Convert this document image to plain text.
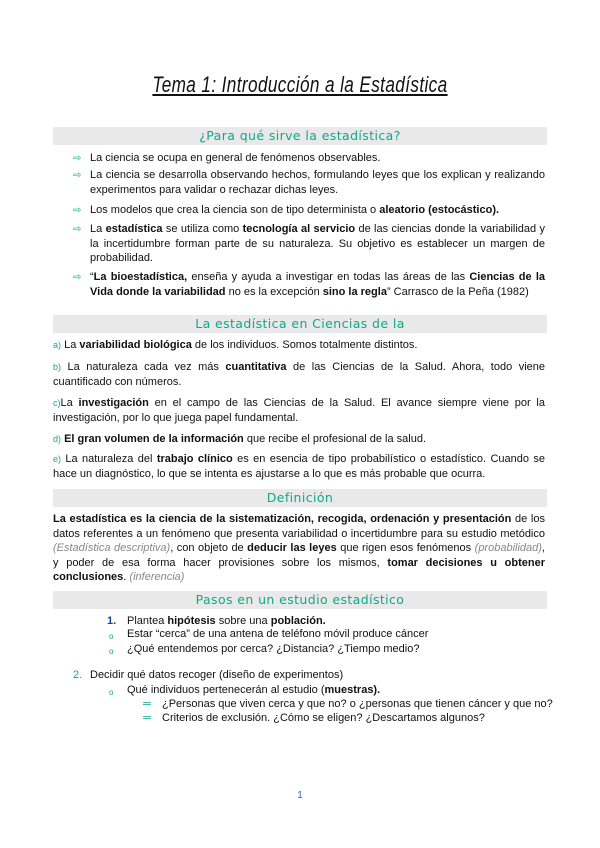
Tema 1: Introducción a la Estadística
¿Para qué sirve la estadística?
⇨ La ciencia se ocupa en general de fenómenos observables.
⇨ La ciencia se desarrolla observando hechos, formulando leyes que los explican y realizando experimentos para validar o rechazar dichas leyes.
⇨ Los modelos que crea la ciencia son de tipo determinista o aleatorio (estocástico).
⇨ La estadística se utiliza como tecnología al servicio de las ciencias donde la variabilidad y la incertidumbre forman parte de su naturaleza. Su objetivo es establecer un margen de probabilidad.
⇨ “La bioestadística, enseña y ayuda a investigar en todas las áreas de las Ciencias de la Vida donde la variabilidad no es la excepción sino la regla” Carrasco de la Peña (1982)
La estadística en Ciencias de la
a) La variabilidad biológica de los individuos. Somos totalmente distintos.
b) La naturaleza cada vez más cuantitativa de las Ciencias de la Salud. Ahora, todo viene cuantificado con números.
c)La investigación en el campo de las Ciencias de la Salud. El avance siempre viene por la investigación, por lo que juega papel fundamental.
d) El gran volumen de la información que recibe el profesional de la salud.
e) La naturaleza del trabajo clínico es en esencia de tipo probabilístico o estadístico. Cuando se hace un diagnóstico, lo que se intenta es ajustarse a lo que es más probable que ocurra.
Definición
La estadística es la ciencia de la sistematización, recogida, ordenación y presentación de los datos referentes a un fenómeno que presenta variabilidad o incertidumbre para su estudio metódico (Estadística descriptiva), con objeto de deducir las leyes que rigen esos fenómenos (probabilidad), y poder de esa forma hacer provisiones sobre los mismos, tomar decisiones u obtener conclusiones. (inferencia)
Pasos en un estudio estadístico
1. Plantea hipótesis sobre una población.
o Estar “cerca” de una antena de teléfono móvil produce cáncer
o ¿Qué entendemos por cerca? ¿Distancia? ¿Tiempo medio?
2. Decidir qué datos recoger (diseño de experimentos)
o Qué individuos pertenecerán al estudio (muestras).
═ ¿Personas que viven cerca y que no? o ¿personas que tienen cáncer y que no?
═ Criterios de exclusión. ¿Cómo se eligen? ¿Descartamos algunos?
1
